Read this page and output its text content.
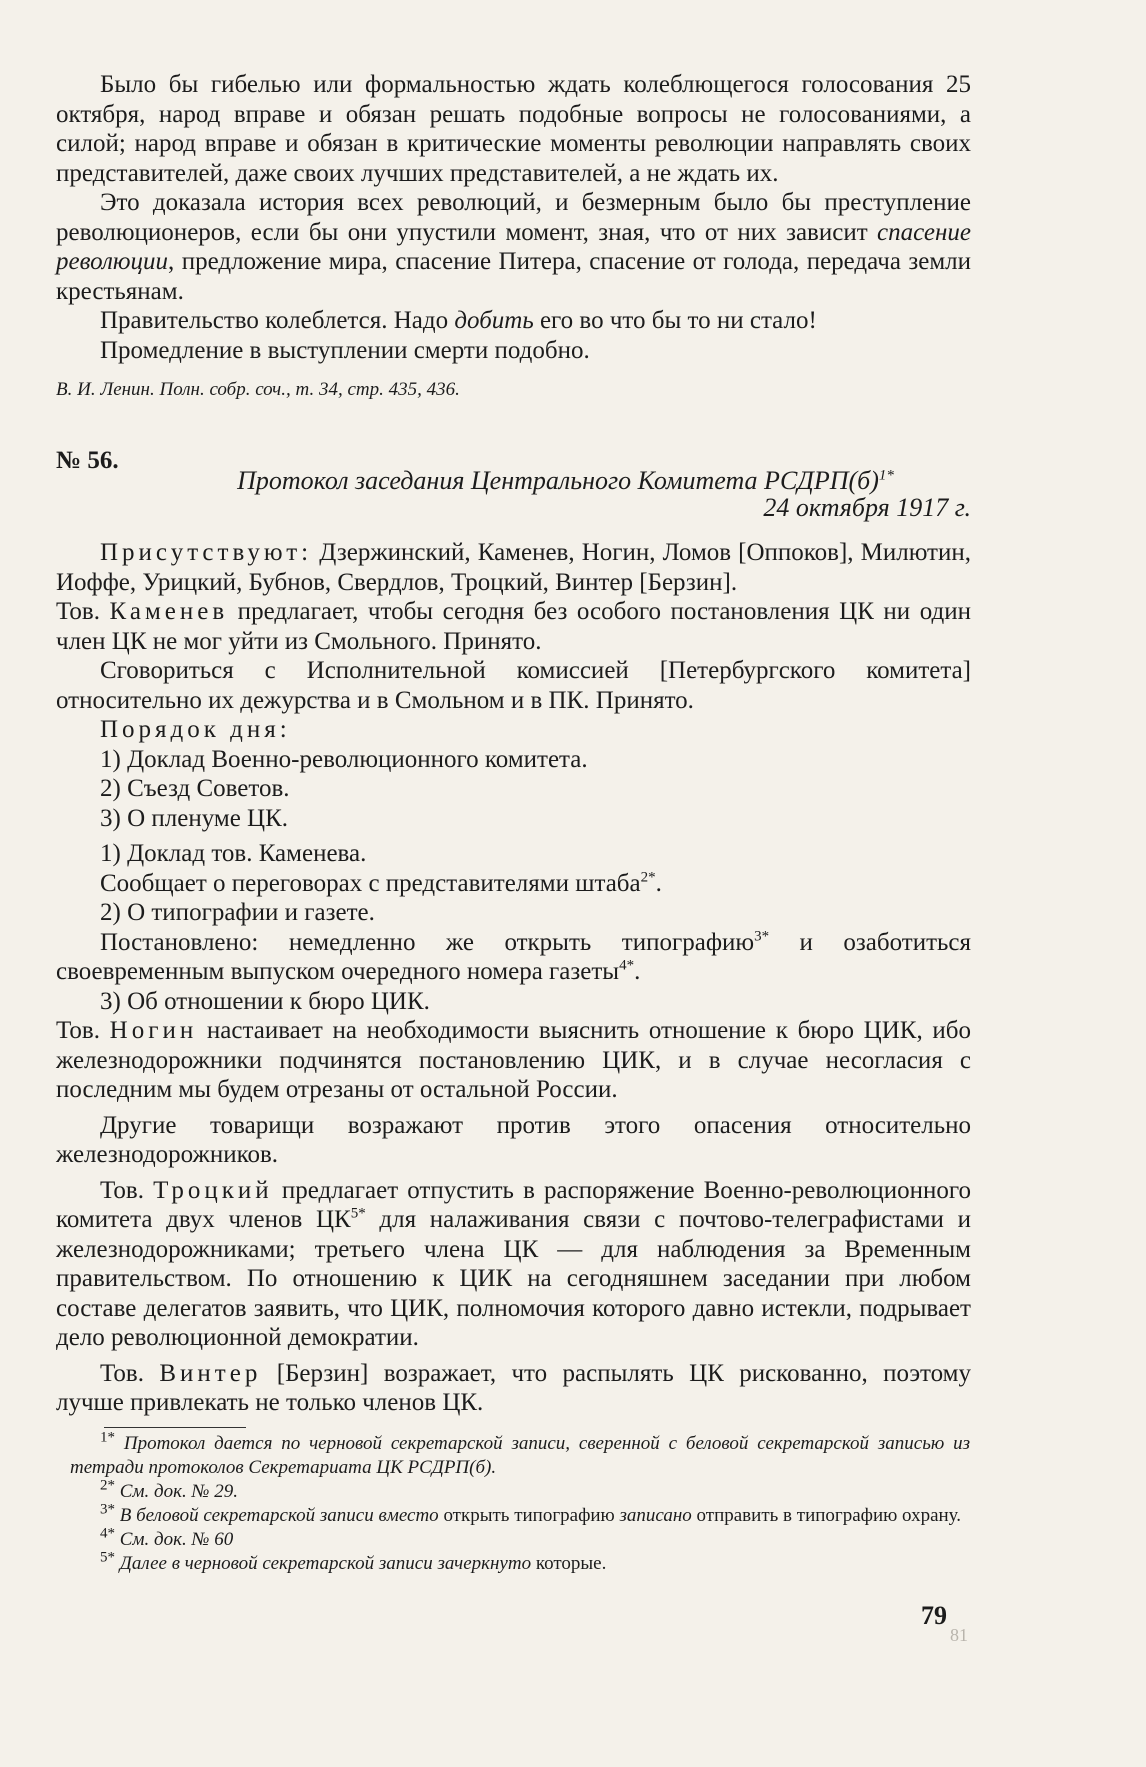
Было бы гибелью или формальностью ждать колеблющегося голосования 25 октября, народ вправе и обязан решать подобные вопросы не голосованиями, а силой; народ вправе и обязан в критические моменты революции направлять своих представителей, даже своих лучших представителей, а не ждать их.

Это доказала история всех революций, и безмерным было бы преступление революционеров, если бы они упустили момент, зная, что от них зависит спасение революции, предложение мира, спасение Питера, спасение от голода, передача земли крестьянам.

Правительство колеблется. Надо добить его во что бы то ни стало!

Промедление в выступлении смерти подобно.

В. И. Ленин. Полн. собр. соч., т. 34, стр. 435, 436.

№ 56.
Протокол заседания Центрального Комитета $РСДРП(б)^{1*}$
24 октября 1917 г.

Присутствуют: Дзержинский, Каменев, Ногин, Ломов [Оппоков], Милютин, Иоффе, Урицкий, Бубнов, Свердлов, Троцкий, Винтер [Берзин].

Тов. Каменев предлагает, чтобы сегодня без особого постановления ЦК ни один член ЦК не мог уйти из Смольного. Принято.

Сговориться с Исполнительной комиссией [Петербургского комитета] относительно их дежурства и в Смольном и в ПК. Принято.

Порядок дня:

1) Доклад Военно-революционного комитета.

2) Съезд Советов.

3) О пленуме ЦК.

1) Доклад тов. Каменева.

Сообщает о переговорах с представителями штаба$^{2*}$.

2) О типографии и газете.

Постановлено: немедленно же открыть типографию$^{3*}$ и озаботиться своевременным выпуском очередного номера газеты$^{4*}$.

3) Об отношении к бюро ЦИК.

Тов. Ногин настаивает на необходимости выяснить отношение к бюро ЦИК, ибо железнодорожники подчинятся постановлению ЦИК, и в случае несогласия с последним мы будем отрезаны от остальной России.

Другие товарищи возражают против этого опасения относительно железнодорожников.

Тов. Троцкий предлагает отпустить в распоряжение Военно-революционного комитета двух членов $ЦК^{5*}$ для налаживания связи с почтово-телеграфистами и железнодорожниками; третьего члена ЦК — для наблюдения за Временным правительством. По отношению к ЦИК на сегодняшнем заседании при любом составе делегатов заявить, что ЦИК, полномочия которого давно истекли, подрывает дело революционной демократии.

Тов. Винтер [Берзин] возражает, что распылять ЦК рискованно, поэтому лучше привлекать не только членов ЦК.

$^{1*}$ Протокол дается по черновой секретарской записи, сверенной с беловой секретарской записью из тетради протоколов Секретариата ЦК РСДРП(б).

$^{2*}$ См. док. № 29.

$^{3*}$ В беловой секретарской записи вместо открыть типографию записано отправить в типографию охрану.

$^{4*}$ См. док. № 60

$^{5*}$ Далее в черновой секретарской записи зачеркнуто которые.

79
81
